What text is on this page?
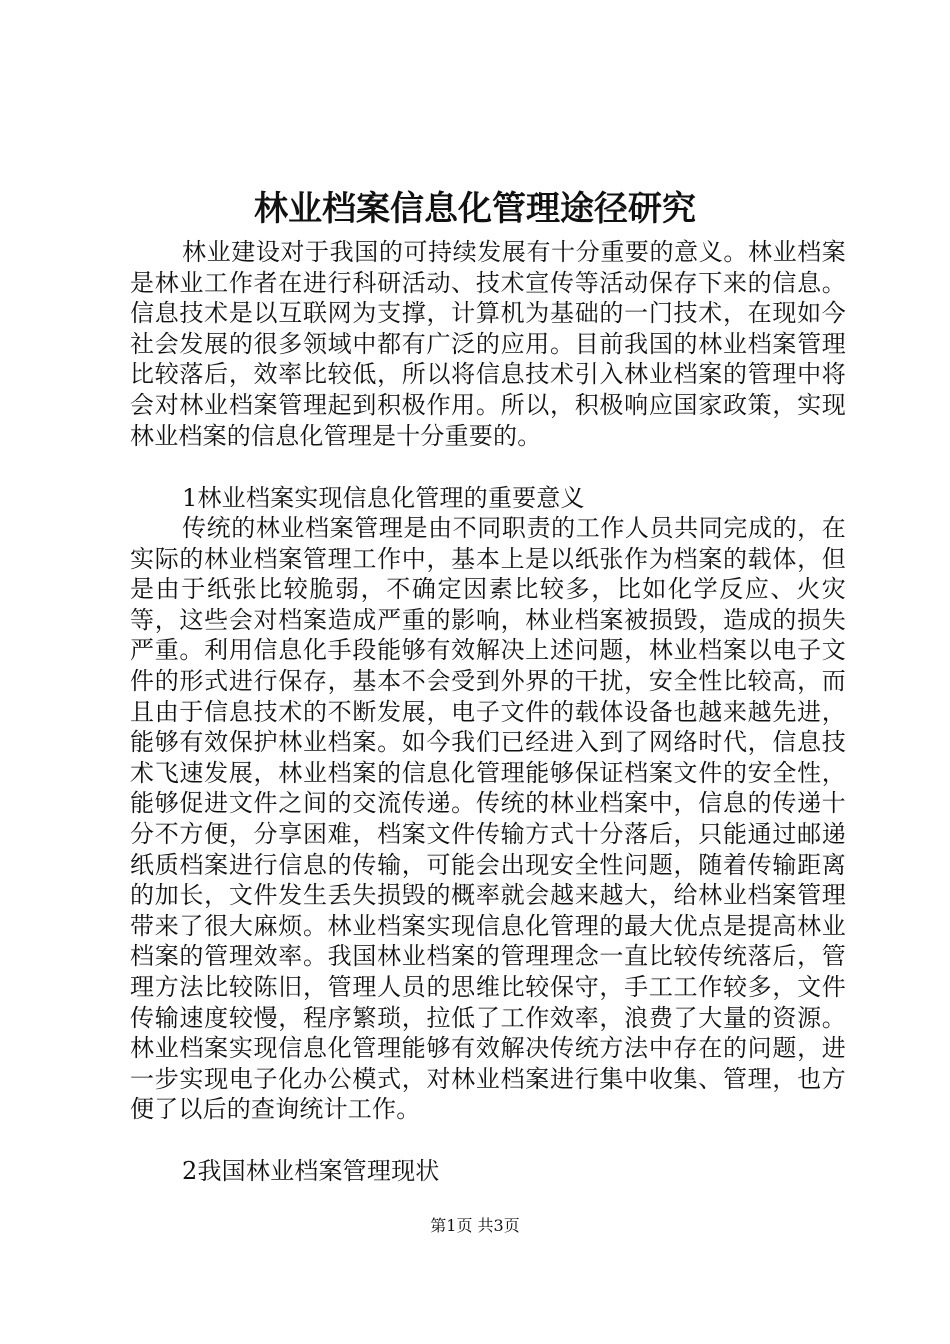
林业档案信息化管理途径研究

林业建设对于我国的可持续发展有十分重要的意义。林业档案是林业工作者在进行科研活动、技术宣传等活动保存下来的信息。信息技术是以互联网为支撑，计算机为基础的一门技术，在现如今社会发展的很多领域中都有广泛的应用。目前我国的林业档案管理比较落后，效率比较低，所以将信息技术引入林业档案的管理中将会对林业档案管理起到积极作用。所以，积极响应国家政策，实现林业档案的信息化管理是十分重要的。

1林业档案实现信息化管理的重要意义

传统的林业档案管理是由不同职责的工作人员共同完成的，在实际的林业档案管理工作中，基本上是以纸张作为档案的载体，但是由于纸张比较脆弱，不确定因素比较多，比如化学反应、火灾等，这些会对档案造成严重的影响，林业档案被损毁，造成的损失严重。利用信息化手段能够有效解决上述问题，林业档案以电子文件的形式进行保存，基本不会受到外界的干扰，安全性比较高，而且由于信息技术的不断发展，电子文件的载体设备也越来越先进，能够有效保护林业档案。如今我们已经进入到了网络时代，信息技术飞速发展，林业档案的信息化管理能够保证档案文件的安全性，能够促进文件之间的交流传递。传统的林业档案中，信息的传递十分不方便，分享困难，档案文件传输方式十分落后，只能通过邮递纸质档案进行信息的传输，可能会出现安全性问题，随着传输距离的加长，文件发生丢失损毁的概率就会越来越大，给林业档案管理带来了很大麻烦。林业档案实现信息化管理的最大优点是提高林业档案的管理效率。我国林业档案的管理理念一直比较传统落后，管理方法比较陈旧，管理人员的思维比较保守，手工工作较多，文件传输速度较慢，程序繁琐，拉低了工作效率，浪费了大量的资源。林业档案实现信息化管理能够有效解决传统方法中存在的问题，进一步实现电子化办公模式，对林业档案进行集中收集、管理，也方便了以后的查询统计工作。

2我国林业档案管理现状

第1页 共3页
